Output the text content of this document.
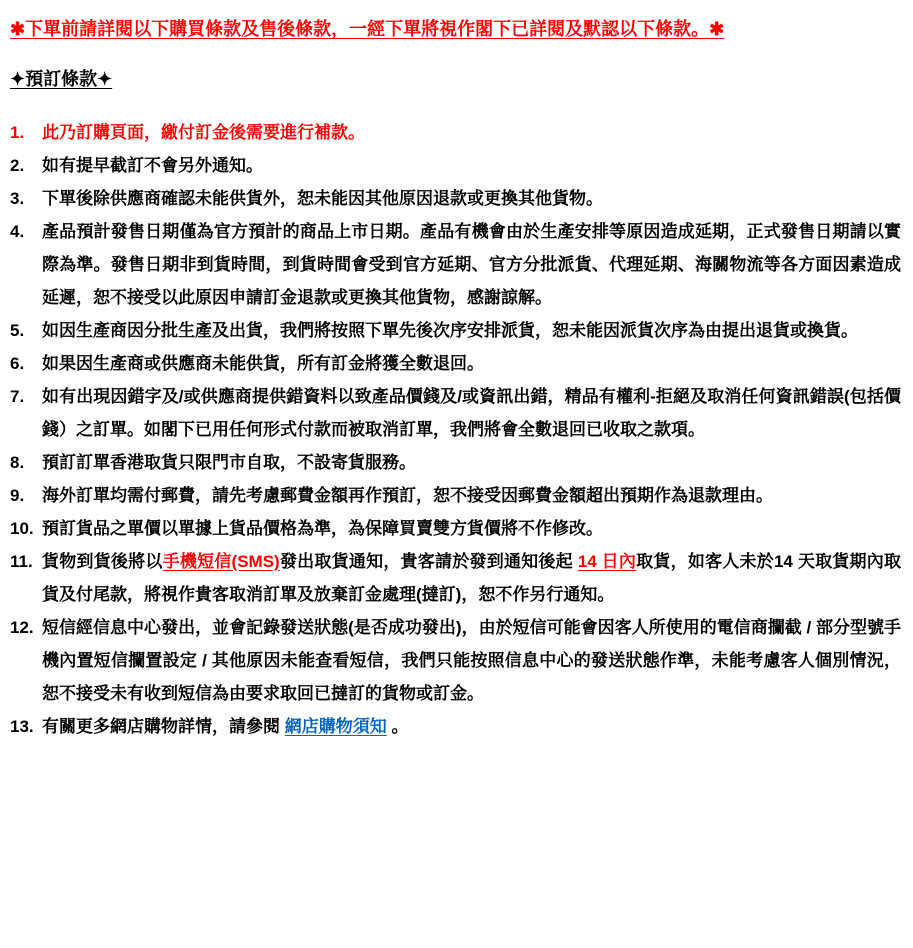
✱下單前請詳閱以下購買條款及售後條款，一經下單將視作閣下已詳閱及默認以下條款。✱
✦預訂條款✦
1.	此乃訂購頁面，繳付訂金後需要進行補款。
2.	如有提早截訂不會另外通知。
3.	下單後除供應商確認未能供貨外，恕未能因其他原因退款或更換其他貨物。
4.	產品預計發售日期僅為官方預計的商品上市日期。產品有機會由於生產安排等原因造成延期，正式發售日期請以實際為準。發售日期非到貨時間，到貨時間會受到官方延期、官方分批派貨、代理延期、海關物流等各方面因素造成延遲，恕不接受以此原因申請訂金退款或更換其他貨物，感謝諒解。
5.	如因生產商因分批生產及出貨，我們將按照下單先後次序安排派貨，恕未能因派貨次序為由提出退貨或換貨。
6.	如果因生產商或供應商未能供貨，所有訂金將獲全數退回。
7.	如有出現因錯字及/或供應商提供錯資料以致產品價錢及/或資訊出錯，精品有權利-拒絕及取消任何資訊錯誤(包括價錢）之訂單。如閣下已用任何形式付款而被取消訂單，我們將會全數退回已收取之款項。
8.	預訂訂單香港取貨只限門市自取，不設寄貨服務。
9.	海外訂單均需付郵費，請先考慮郵費金額再作預訂，恕不接受因郵費金額超出預期作為退款理由。
10. 預訂貨品之單價以單據上貨品價格為準，為保障買賣雙方貨價將不作修改。
11. 貨物到貨後將以手機短信(SMS)發出取貨通知，貴客請於發到通知後起 14 日內取貨，如客人未於14 天取貨期內取貨及付尾款，將視作貴客取消訂單及放棄訂金處理(撻訂)，恕不作另行通知。
12. 短信經信息中心發出，並會記錄發送狀態(是否成功發出)，由於短信可能會因客人所使用的電信商攔截 / 部分型號手機內置短信攔置設定 / 其他原因未能查看短信，我們只能按照信息中心的發送狀態作準，未能考慮客人個別情況，恕不接受未有收到短信為由要求取回已撻訂的貨物或訂金。
13. 有關更多網店購物詳情，請參閱 網店購物須知 。
